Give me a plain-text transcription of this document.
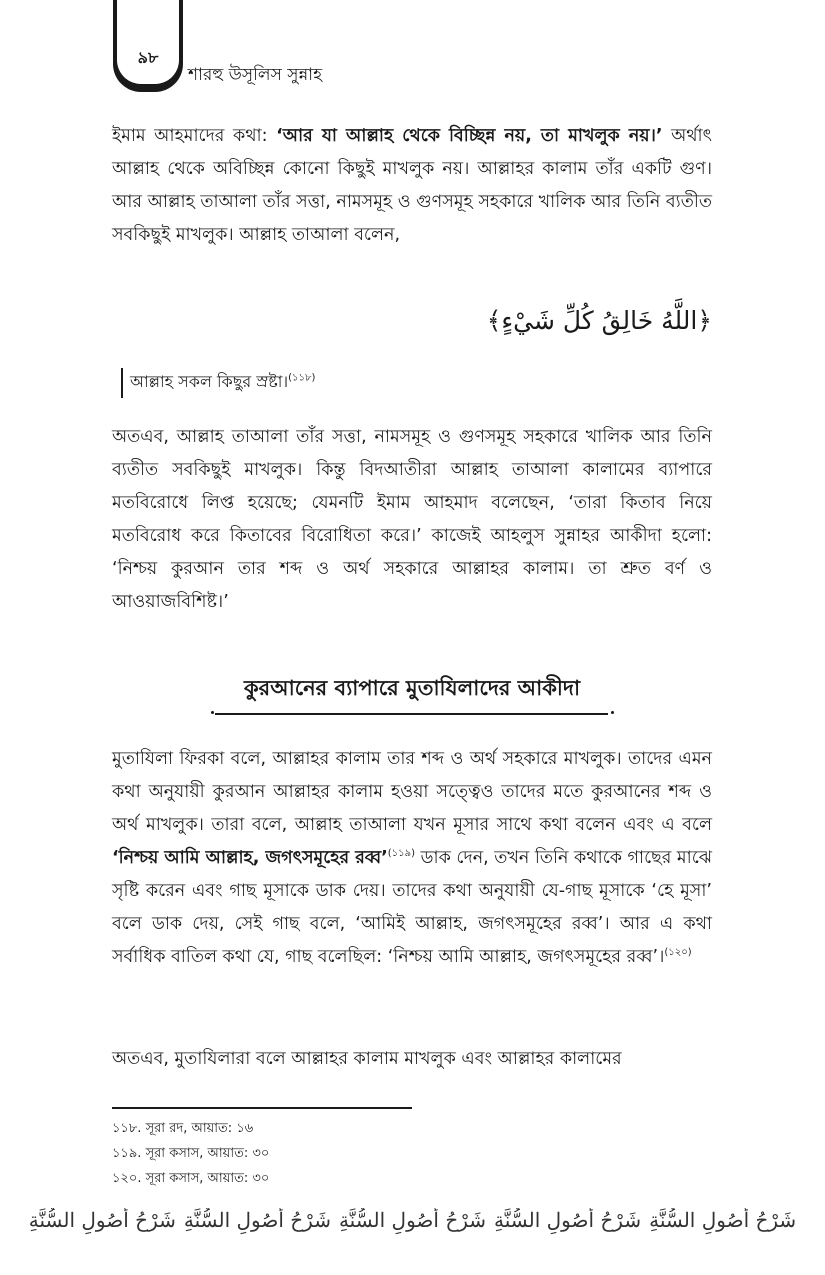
৯৮
শারহু উসূলিস সুন্নাহ

ইমাম আহমাদের কথা: ‘আর যা আল্লাহ থেকে বিচ্ছিন্ন নয়, তা মাখলুক নয়।’ অর্থাৎ আল্লাহ থেকে অবিচ্ছিন্ন কোনো কিছুই মাখলুক নয়। আল্লাহর কালাম তাঁর একটি গুণ। আর আল্লাহ তাআলা তাঁর সত্তা, নামসমূহ ও গুণসমূহ সহকারে খালিক আর তিনি ব্যতীত সবকিছুই মাখলুক। আল্লাহ তাআলা বলেন,

﴿اللَّهُ خَالِقُ كُلِّ شَيْءٍ﴾
আল্লাহ সকল কিছুর স্রষ্টা।$^{(১১৮)}$

অতএব, আল্লাহ তাআলা তাঁর সত্তা, নামসমূহ ও গুণসমূহ সহকারে খালিক আর তিনি ব্যতীত সবকিছুই মাখলুক। কিন্তু বিদআতীরা আল্লাহ তাআলা কালামের ব্যাপারে মতবিরোধে লিপ্ত হয়েছে; যেমনটি ইমাম আহমাদ বলেছেন, ‘তারা কিতাব নিয়ে মতবিরোধ করে কিতাবের বিরোধিতা করে।’ কাজেই আহলুস সুন্নাহর আকীদা হলো: ‘নিশ্চয় কুরআন তার শব্দ ও অর্থ সহকারে আল্লাহর কালাম। তা শ্রুত বর্ণ ও আওয়াজবিশিষ্ট।’

কুরআনের ব্যাপারে মুতাযিলাদের আকীদা

মুতাযিলা ফিরকা বলে, আল্লাহর কালাম তার শব্দ ও অর্থ সহকারে মাখলুক। তাদের এমন কথা অনুযায়ী কুরআন আল্লাহর কালাম হওয়া সত্ত্বেও তাদের মতে কুরআনের শব্দ ও অর্থ মাখলুক। তারা বলে, আল্লাহ তাআলা যখন মূসার সাথে কথা বলেন এবং এ বলে ‘নিশ্চয় আমি আল্লাহ, জগৎসমূহের রব্ব’$^{(১১৯)}$ ডাক দেন, তখন তিনি কথাকে গাছের মাঝে সৃষ্টি করেন এবং গাছ মূসাকে ডাক দেয়। তাদের কথা অনুযায়ী যে-গাছ মূসাকে ‘হে মূসা’ বলে ডাক দেয়, সেই গাছ বলে, ‘আমিই আল্লাহ, জগৎসমূহের রব্ব’। আর এ কথা সর্বাধিক বাতিল কথা যে, গাছ বলেছিল: ‘নিশ্চয় আমি আল্লাহ, জগৎসমূহের রব্ব’।$^{(১২০)}$

অতএব, মুতাযিলারা বলে আল্লাহর কালাম মাখলুক এবং আল্লাহর কালামের

১১৮. সূরা রদ, আয়াত: ১৬
১১৯. সূরা কসাস, আয়াত: ৩০
১২০. সূরা কসাস, আয়াত: ৩০
شَرْحُ أُصُولِ السُّنَّةِشَرْحُ أُصُولِ السُّنَّةِشَرْحُ أُصُولِ السُّنَّةِشَرْحُ أُصُولِ السُّنَّةِشَرْحُ أُصُولِ السُّنَّةِ
